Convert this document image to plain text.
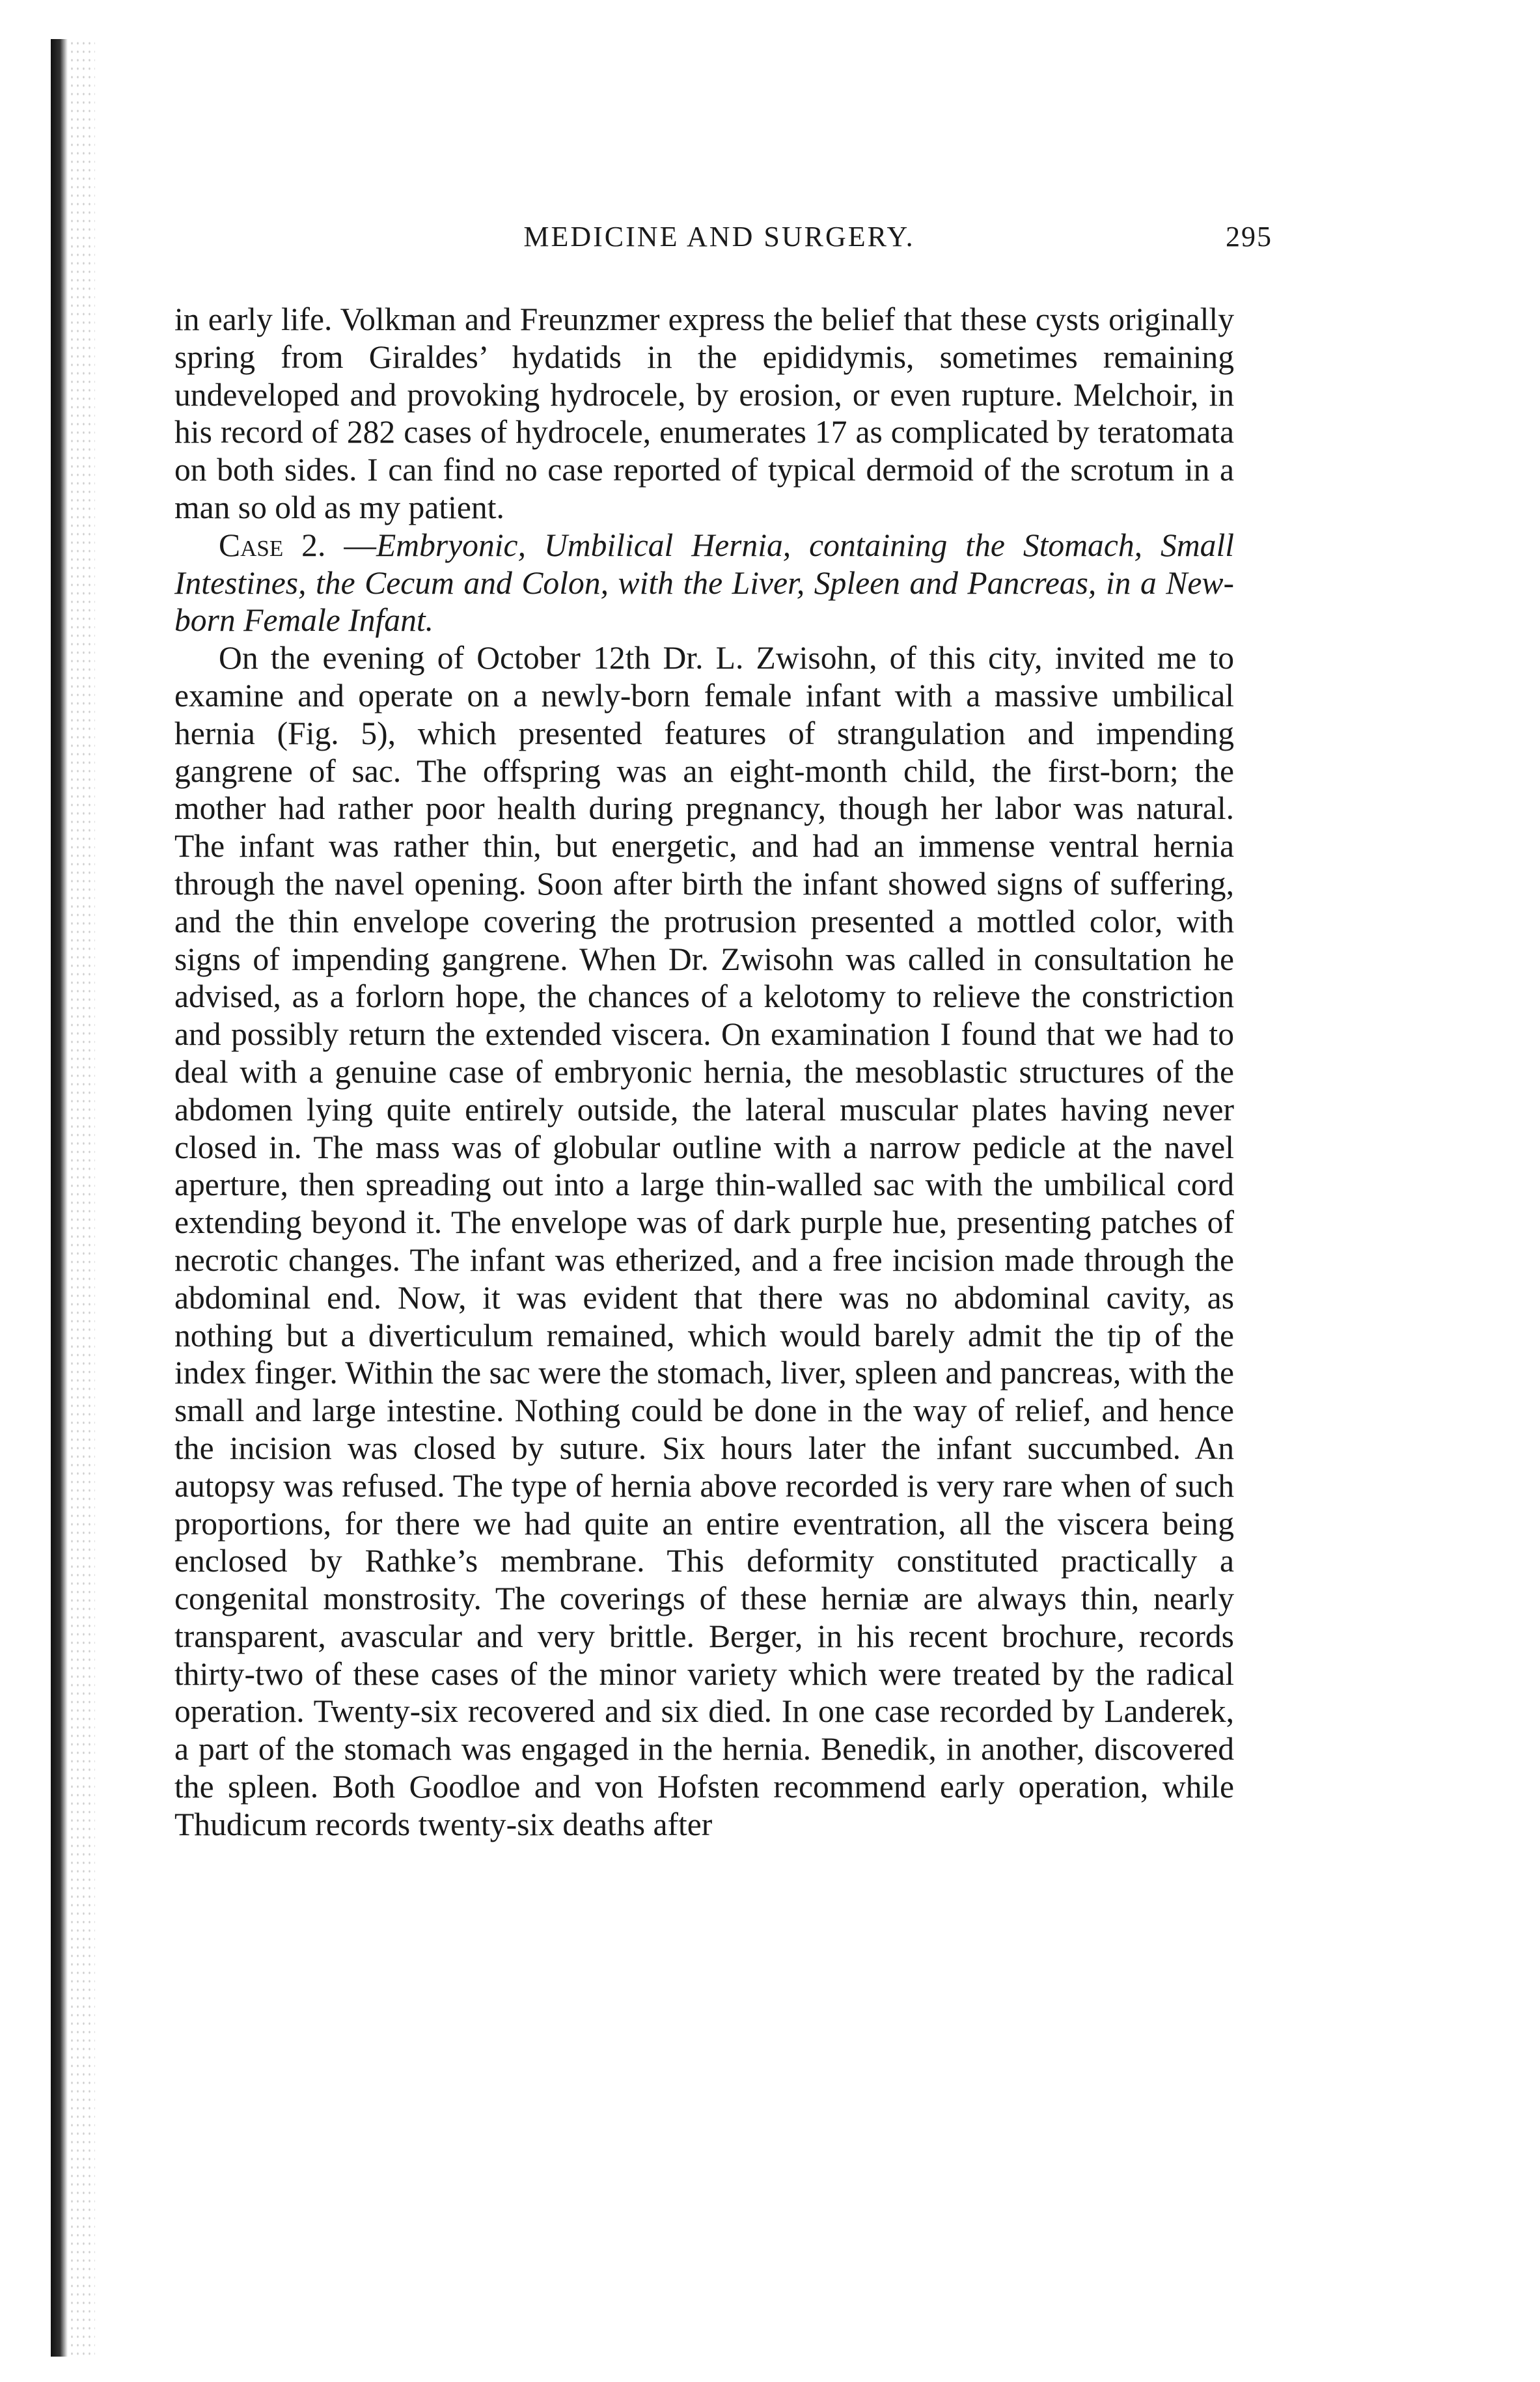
MEDICINE AND SURGERY.	295

in early life. Volkman and Freunzmer express the belief that these cysts originally spring from Giraldes’ hydatids in the epididymis, sometimes remaining undeveloped and provoking hydrocele, by erosion, or even rupture. Melchoir, in his record of 282 cases of hydrocele, enumerates 17 as complicated by teratomata on both sides. I can find no case reported of typical dermoid of the scrotum in a man so old as my patient.

Case 2. —Embryonic, Umbilical Hernia, containing the Stomach, Small Intestines, the Cecum and Colon, with the Liver, Spleen and Pancreas, in a New-born Female Infant.

On the evening of October 12th Dr. L. Zwisohn, of this city, invited me to examine and operate on a newly-born female infant with a massive umbilical hernia (Fig. 5), which presented features of strangulation and impending gangrene of sac. The offspring was an eight-month child, the first-born; the mother had rather poor health during pregnancy, though her labor was natural. The infant was rather thin, but energetic, and had an immense ventral hernia through the navel opening. Soon after birth the infant showed signs of suffering, and the thin envelope covering the protrusion presented a mottled color, with signs of impending gangrene. When Dr. Zwisohn was called in consultation he advised, as a forlorn hope, the chances of a kelotomy to relieve the constriction and possibly return the extended viscera. On examination I found that we had to deal with a genuine case of embryonic hernia, the mesoblastic structures of the abdomen lying quite entirely outside, the lateral muscular plates having never closed in. The mass was of globular outline with a narrow pedicle at the navel aperture, then spreading out into a large thin-walled sac with the umbilical cord extending beyond it. The envelope was of dark purple hue, presenting patches of necrotic changes. The infant was etherized, and a free incision made through the abdominal end. Now, it was evident that there was no abdominal cavity, as nothing but a diverticulum remained, which would barely admit the tip of the index finger. Within the sac were the stomach, liver, spleen and pancreas, with the small and large intestine. Nothing could be done in the way of relief, and hence the incision was closed by suture. Six hours later the infant succumbed. An autopsy was refused. The type of hernia above recorded is very rare when of such proportions, for there we had quite an entire eventration, all the viscera being enclosed by Rathke’s membrane. This deformity constituted practically a congenital monstrosity. The coverings of these herniæ are always thin, nearly transparent, avascular and very brittle. Berger, in his recent brochure, records thirty-two of these cases of the minor variety which were treated by the radical operation. Twenty-six recovered and six died. In one case recorded by Landerek, a part of the stomach was engaged in the hernia. Benedik, in another, discovered the spleen. Both Goodloe and von Hofsten recommend early operation, while Thudicum records twenty-six deaths after
